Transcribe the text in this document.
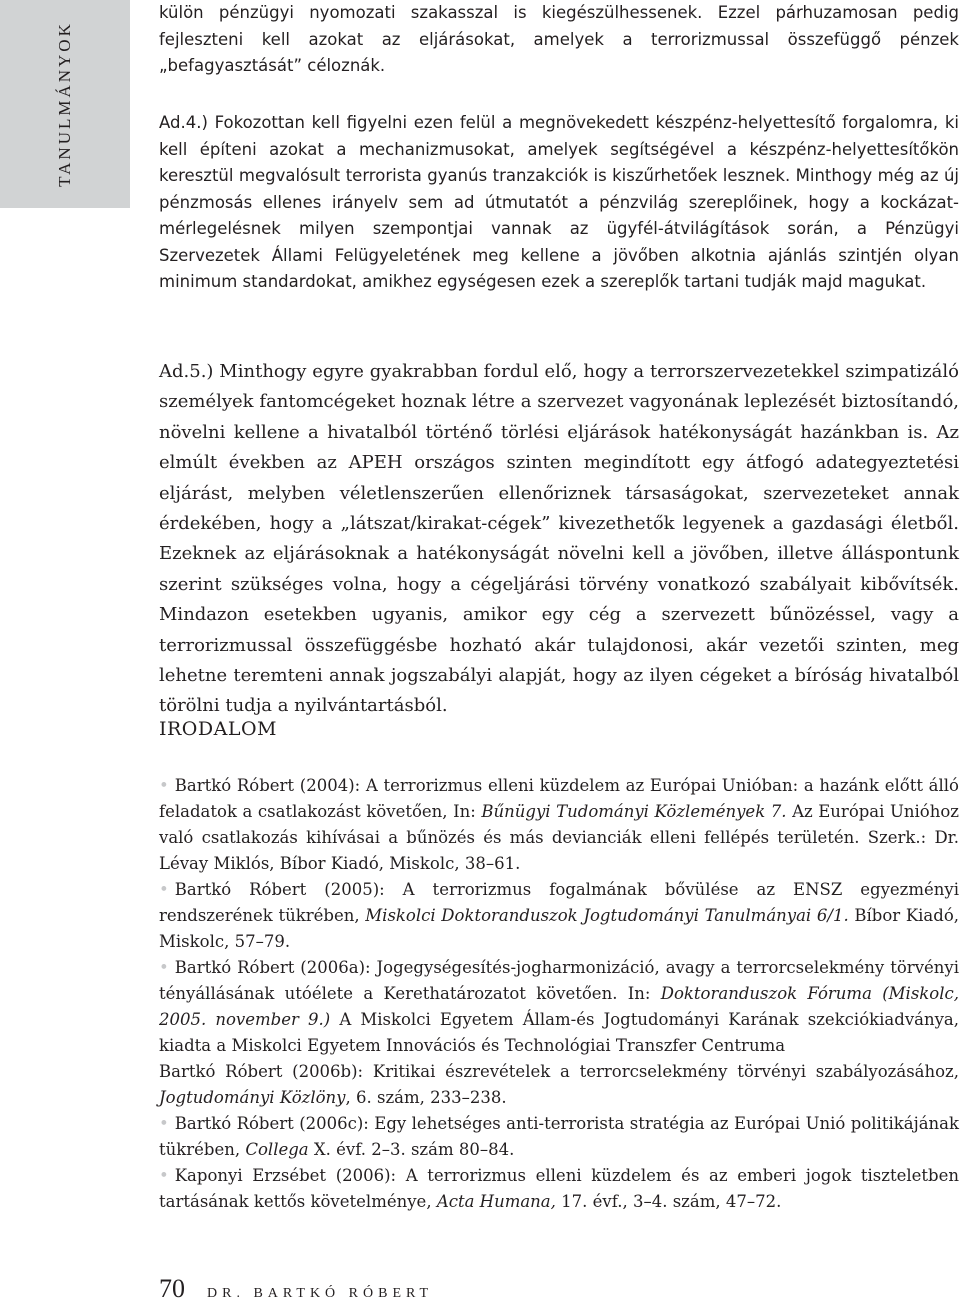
TANULMÁNYOK

külön pénzügyi nyomozati szakasszal is kiegészülhessenek. Ezzel párhuzamosan pedig fejleszteni kell azokat az eljárásokat, amelyek a terrorizmussal összefüggő pénzek „befagyasztását” céloznák.

Ad.4.) Fokozottan kell figyelni ezen felül a megnövekedett készpénz-helyettesítő forgalomra, ki kell építeni azokat a mechanizmusokat, amelyek segítségével a készpénz-helyettesítőkön keresztül megvalósult terrorista gyanús tranzakciók is kiszűrhetőek lesznek. Minthogy még az új pénzmosás ellenes irányelv sem ad útmutatót a pénzvilág szereplőinek, hogy a kockázat-mérlegelésnek milyen szempontjai vannak az ügyfél-átvilágítások során, a Pénzügyi Szervezetek Állami Felügyeletének meg kellene a jövőben alkotnia ajánlás szintjén olyan minimum standardokat, amikhez egységesen ezek a szereplők tartani tudják majd magukat.

Ad.5.) Minthogy egyre gyakrabban fordul elő, hogy a terrorszervezetekkel szimpatizáló személyek fantomcégeket hoznak létre a szervezet vagyonának leplezését biztosítandó, növelni kellene a hivatalból történő törlési eljárások hatékonyságát hazánkban is. Az elmúlt években az APEH országos szinten megindított egy átfogó adategyeztetési eljárást, melyben véletlenszerűen ellenőriznek társaságokat, szervezeteket annak érdekében, hogy a „látszat/kirakat-cégek” kivezethetők legyenek a gazdasági életből. Ezeknek az eljárásoknak a hatékonyságát növelni kell a jövőben, illetve álláspontunk szerint szükséges volna, hogy a cégeljárási törvény vonatkozó szabályait kibővítsék. Mindazon esetekben ugyanis, amikor egy cég a szervezett bűnözéssel, vagy a terrorizmussal összefüggésbe hozható akár tulajdonosi, akár vezetői szinten, meg lehetne teremteni annak jogszabályi alapját, hogy az ilyen cégeket a bíróság hivatalból törölni tudja a nyilvántartásból.

IRODALOM

• Bartkó Róbert (2004): A terrorizmus elleni küzdelem az Európai Unióban: a hazánk előtt álló feladatok a csatlakozást követően, In: Bűnügyi Tudományi Közlemények 7. Az Európai Unióhoz való csatlakozás kihívásai a bűnözés és más devianciák elleni fellépés területén. Szerk.: Dr. Lévay Miklós, Bíbor Kiadó, Miskolc, 38–61.

• Bartkó Róbert (2005): A terrorizmus fogalmának bővülése az ENSZ egyezményi rendszerének tükrében, Miskolci Doktoranduszok Jogtudományi Tanulmányai 6/1. Bíbor Kiadó, Miskolc, 57–79.

• Bartkó Róbert (2006a): Jogegységesítés-jogharmonizáció, avagy a terrorcselekmény törvényi tényállásának utóélete a Kerethatározatot követően. In: Doktoranduszok Fóruma (Miskolc, 2005. november 9.) A Miskolci Egyetem Állam-és Jogtudományi Karának szekciókiadványa, kiadta a Miskolci Egyetem Innovációs és Technológiai Transzfer Centruma

Bartkó Róbert (2006b): Kritikai észrevételek a terrorcselekmény törvényi szabályozásához, Jogtudományi Közlöny, 6. szám, 233–238.

• Bartkó Róbert (2006c): Egy lehetséges anti-terrorista stratégia az Európai Unió politikájának tükrében, Collega X. évf. 2–3. szám 80–84.

• Kaponyi Erzsébet (2006): A terrorizmus elleni küzdelem és az emberi jogok tiszteletben tartásának kettős követelménye, Acta Humana, 17. évf., 3–4. szám, 47–72.

70 DR. BARTKÓ RÓBERT
